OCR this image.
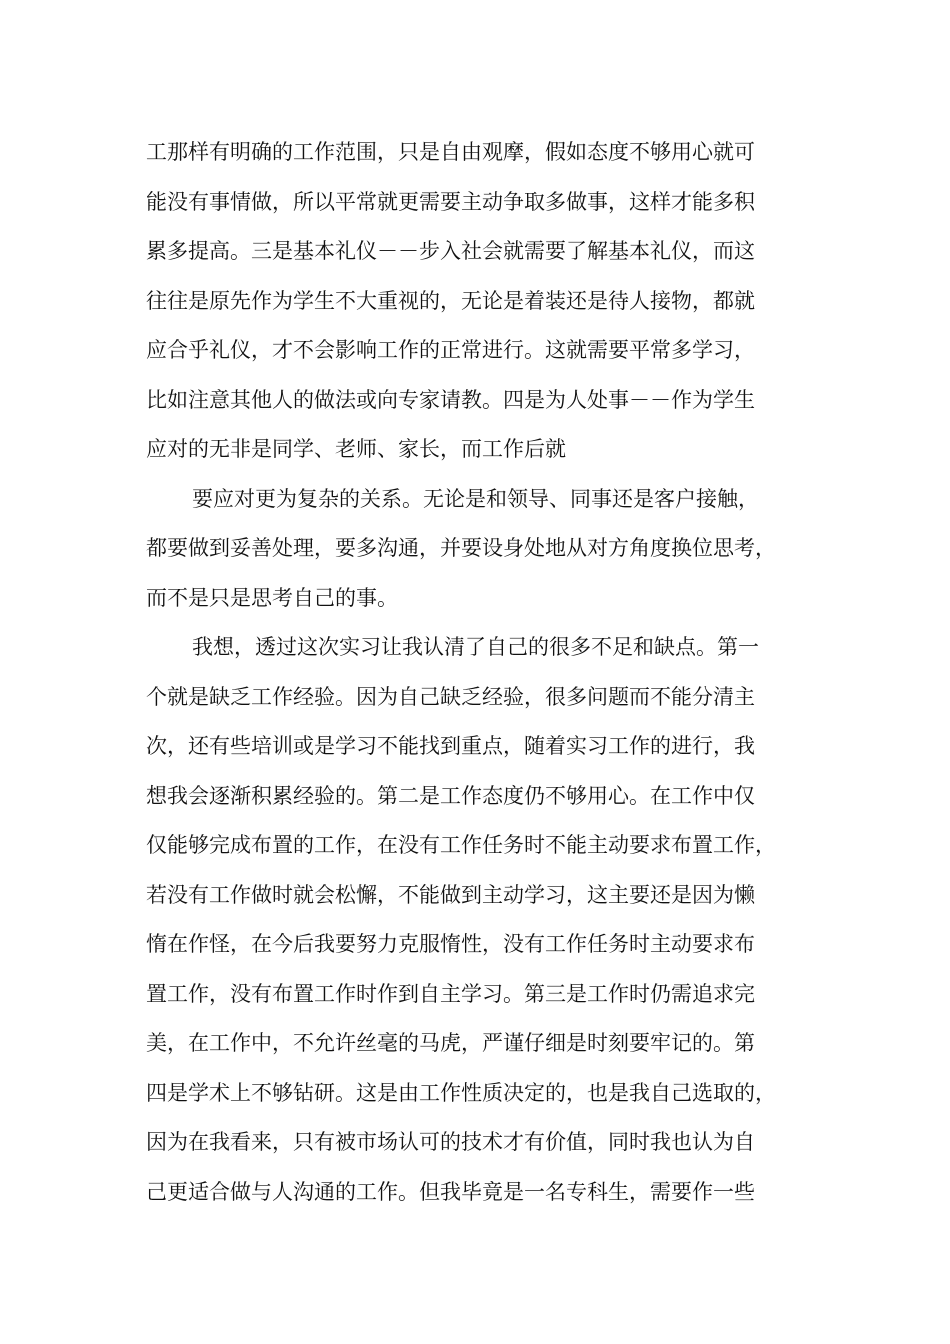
工那样有明确的工作范围，只是自由观摩，假如态度不够用心就可
能没有事情做，所以平常就更需要主动争取多做事，这样才能多积
累多提高。三是基本礼仪－－步入社会就需要了解基本礼仪，而这
往往是原先作为学生不大重视的，无论是着装还是待人接物，都就
应合乎礼仪，才不会影响工作的正常进行。这就需要平常多学习，
比如注意其他人的做法或向专家请教。四是为人处事－－作为学生
应对的无非是同学、老师、家长，而工作后就
要应对更为复杂的关系。无论是和领导、同事还是客户接触，
都要做到妥善处理，要多沟通，并要设身处地从对方角度换位思考，
而不是只是思考自己的事。
我想，透过这次实习让我认清了自己的很多不足和缺点。第一
个就是缺乏工作经验。因为自己缺乏经验，很多问题而不能分清主
次，还有些培训或是学习不能找到重点，随着实习工作的进行，我
想我会逐渐积累经验的。第二是工作态度仍不够用心。在工作中仅
仅能够完成布置的工作，在没有工作任务时不能主动要求布置工作，
若没有工作做时就会松懈，不能做到主动学习，这主要还是因为懒
惰在作怪，在今后我要努力克服惰性，没有工作任务时主动要求布
置工作，没有布置工作时作到自主学习。第三是工作时仍需追求完
美，在工作中，不允许丝毫的马虎，严谨仔细是时刻要牢记的。第
四是学术上不够钻研。这是由工作性质决定的，也是我自己选取的，
因为在我看来，只有被市场认可的技术才有价值，同时我也认为自
己更适合做与人沟通的工作。但我毕竟是一名专科生，需要作一些
